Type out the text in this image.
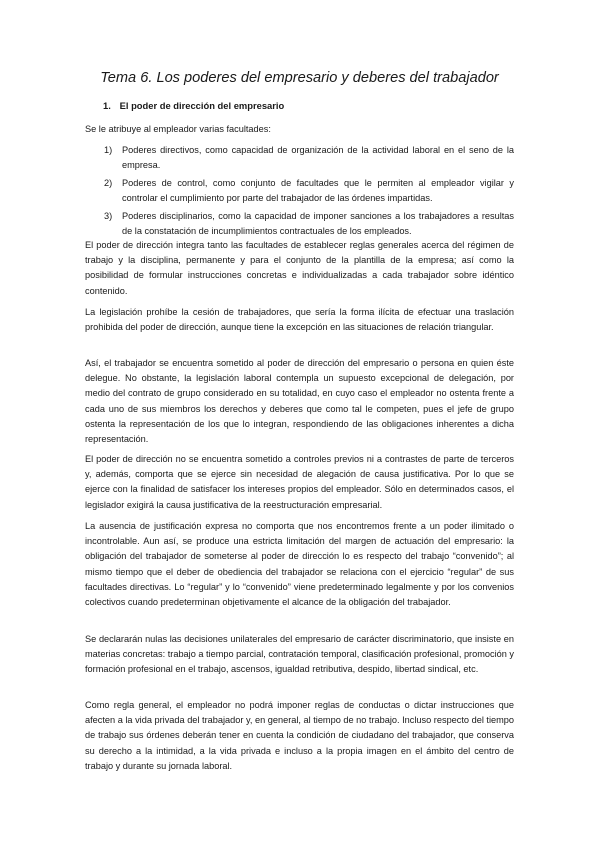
Tema 6. Los poderes del empresario y deberes del trabajador
1. El poder de dirección del empresario

Se le atribuye al empleador varias facultades:

1) Poderes directivos, como capacidad de organización de la actividad laboral en el seno de la empresa.
2) Poderes de control, como conjunto de facultades que le permiten al empleador vigilar y controlar el cumplimiento por parte del trabajador de las órdenes impartidas.
3) Poderes disciplinarios, como la capacidad de imponer sanciones a los trabajadores a resultas de la constatación de incumplimientos contractuales de los empleados.

El poder de dirección integra tanto las facultades de establecer reglas generales acerca del régimen de trabajo y la disciplina, permanente y para el conjunto de la plantilla de la empresa; así como la posibilidad de formular instrucciones concretas e individualizadas a cada trabajador sobre idéntico contenido.

La legislación prohíbe la cesión de trabajadores, que sería la forma ilícita de efectuar una traslación prohibida del poder de dirección, aunque tiene la excepción en las situaciones de relación triangular.

Así, el trabajador se encuentra sometido al poder de dirección del empresario o persona en quien éste delegue. No obstante, la legislación laboral contempla un supuesto excepcional de delegación, por medio del contrato de grupo considerado en su totalidad, en cuyo caso el empleador no ostenta frente a cada uno de sus miembros los derechos y deberes que como tal le competen, pues el jefe de grupo ostenta la representación de los que lo integran, respondiendo de las obligaciones inherentes a dicha representación.

El poder de dirección no se encuentra sometido a controles previos ni a contrastes de parte de terceros y, además, comporta que se ejerce sin necesidad de alegación de causa justificativa. Por lo que se ejerce con la finalidad de satisfacer los intereses propios del empleador. Sólo en determinados casos, el legislador exigirá la causa justificativa de la reestructuración empresarial.

La ausencia de justificación expresa no comporta que nos encontremos frente a un poder ilimitado o incontrolable. Aun así, se produce una estricta limitación del margen de actuación del empresario: la obligación del trabajador de someterse al poder de dirección lo es respecto del trabajo “convenido”; al mismo tiempo que el deber de obediencia del trabajador se relaciona con el ejercicio “regular” de sus facultades directivas. Lo “regular” y lo “convenido” viene predeterminado legalmente y por los convenios colectivos cuando predeterminan objetivamente el alcance de la obligación del trabajador.

Se declararán nulas las decisiones unilaterales del empresario de carácter discriminatorio, que insiste en materias concretas: trabajo a tiempo parcial, contratación temporal, clasificación profesional, promoción y formación profesional en el trabajo, ascensos, igualdad retributiva, despido, libertad sindical, etc.

Como regla general, el empleador no podrá imponer reglas de conductas o dictar instrucciones que afecten a la vida privada del trabajador y, en general, al tiempo de no trabajo. Incluso respecto del tiempo de trabajo sus órdenes deberán tener en cuenta la condición de ciudadano del trabajador, que conserva su derecho a la intimidad, a la vida privada e incluso a la propia imagen en el ámbito del centro de trabajo y durante su jornada laboral.
